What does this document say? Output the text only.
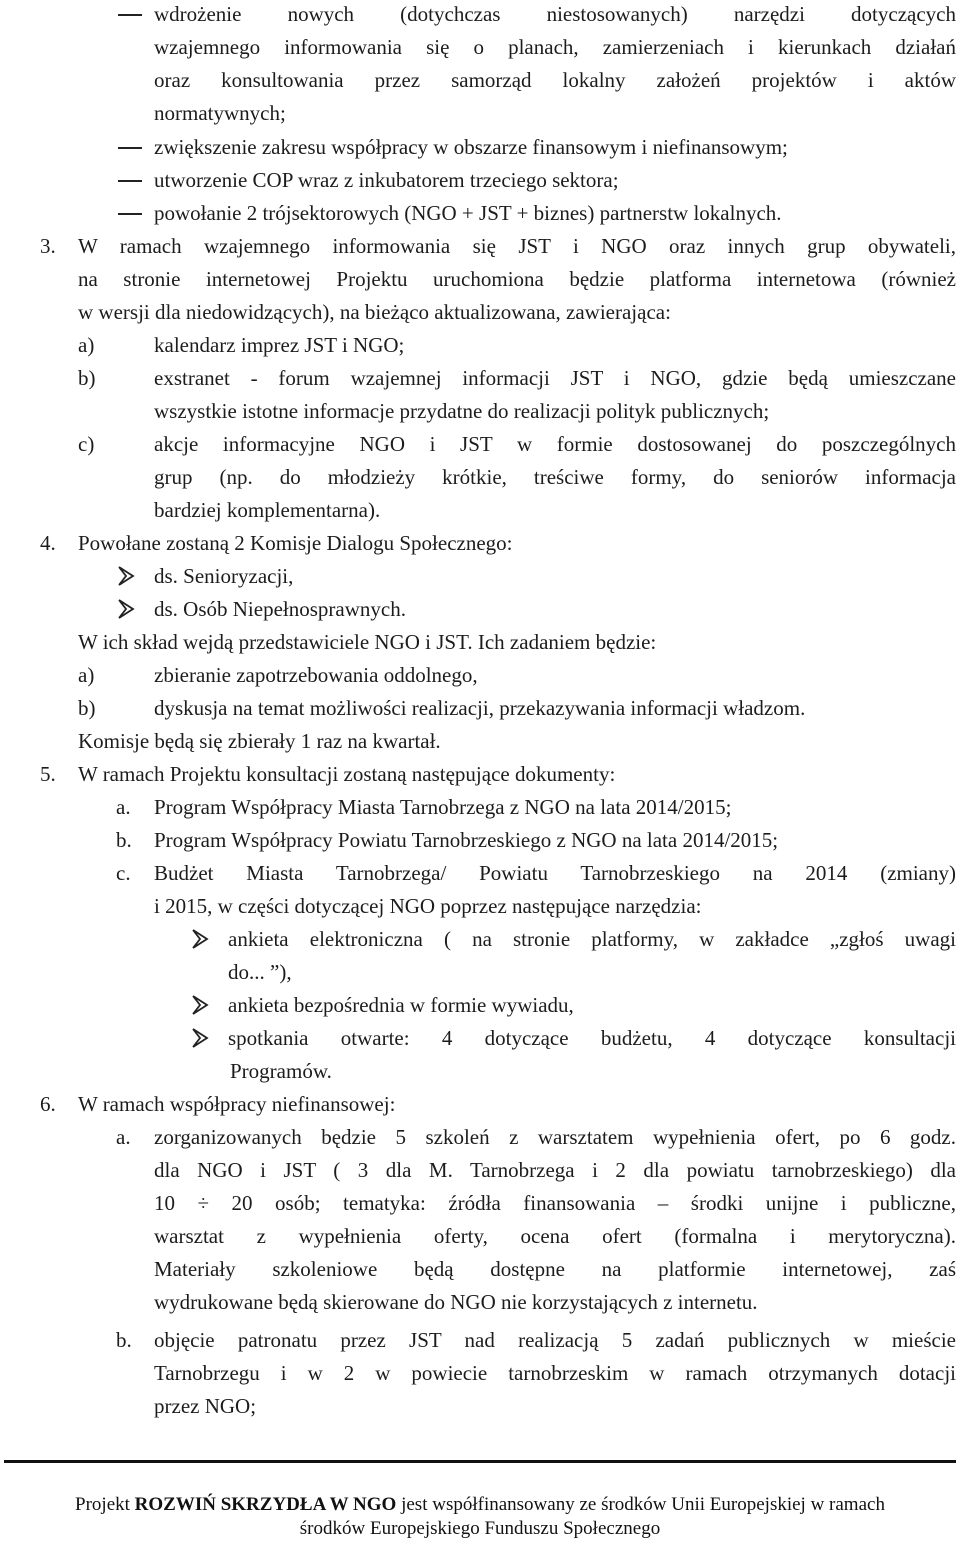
wdrożenie nowych (dotychczas niestosowanych) narzędzi dotyczących
wzajemnego informowania się o planach, zamierzeniach i kierunkach działań
oraz konsultowania przez samorząd lokalny założeń projektów i aktów
normatywnych;
zwiększenie zakresu współpracy w obszarze finansowym i niefinansowym;
utworzenie COP wraz z inkubatorem trzeciego sektora;
powołanie 2 trójsektorowych (NGO + JST + biznes) partnerstw lokalnych.
3. W ramach wzajemnego informowania się JST i NGO oraz innych grup obywateli,
na stronie internetowej Projektu uruchomiona będzie platforma internetowa (również
w wersji dla niedowidzących), na bieżąco aktualizowana, zawierająca:
a)	kalendarz imprez JST i NGO;
b)	exstranet - forum wzajemnej informacji JST i NGO, gdzie będą umieszczane
wszystkie istotne informacje przydatne do realizacji polityk publicznych;
c)	akcje informacyjne NGO i JST w formie dostosowanej do poszczególnych
grup (np. do młodzieży krótkie, treściwe formy, do seniorów informacja
bardziej komplementarna).
4. Powołane zostaną 2 Komisje Dialogu Społecznego:
ds. Senioryzacji,
ds. Osób Niepełnosprawnych.
W ich skład wejdą przedstawiciele NGO i JST. Ich zadaniem będzie:
a)	zbieranie zapotrzebowania oddolnego,
b)	dyskusja na temat możliwości realizacji, przekazywania informacji władzom.
Komisje będą się zbierały 1 raz na kwartał.
5. W ramach Projektu konsultacji zostaną następujące dokumenty:
a. Program Współpracy Miasta Tarnobrzega z NGO na lata 2014/2015;
b. Program Współpracy Powiatu Tarnobrzeskiego z NGO na lata 2014/2015;
c. Budżet Miasta Tarnobrzega/ Powiatu Tarnobrzeskiego na 2014 (zmiany)
i 2015, w części dotyczącej NGO poprzez następujące narzędzia:
ankieta elektroniczna ( na stronie platformy, w zakładce „zgłoś uwagi
do... ”),
ankieta bezpośrednia w formie wywiadu,
spotkania otwarte: 4 dotyczące budżetu, 4 dotyczące konsultacji
Programów.
6. W ramach współpracy niefinansowej:
a. zorganizowanych będzie 5 szkoleń z warsztatem wypełnienia ofert, po 6 godz.
dla NGO i JST ( 3 dla M. Tarnobrzega i 2 dla powiatu tarnobrzeskiego) dla
10 ÷ 20 osób; tematyka: źródła finansowania – środki unijne i publiczne,
warsztat z wypełnienia oferty, ocena ofert (formalna i merytoryczna).
Materiały szkoleniowe będą dostępne na platformie internetowej, zaś
wydrukowane będą skierowane do NGO nie korzystających z internetu.
b. objęcie patronatu przez JST nad realizacją 5 zadań publicznych w mieście
Tarnobrzegu i w 2 w powiecie tarnobrzeskim w ramach otrzymanych dotacji
przez NGO;
Projekt ROZWIŃ SKRZYDŁA W NGO jest współfinansowany ze środków Unii Europejskiej w ramach
środków Europejskiego Funduszu Społecznego
